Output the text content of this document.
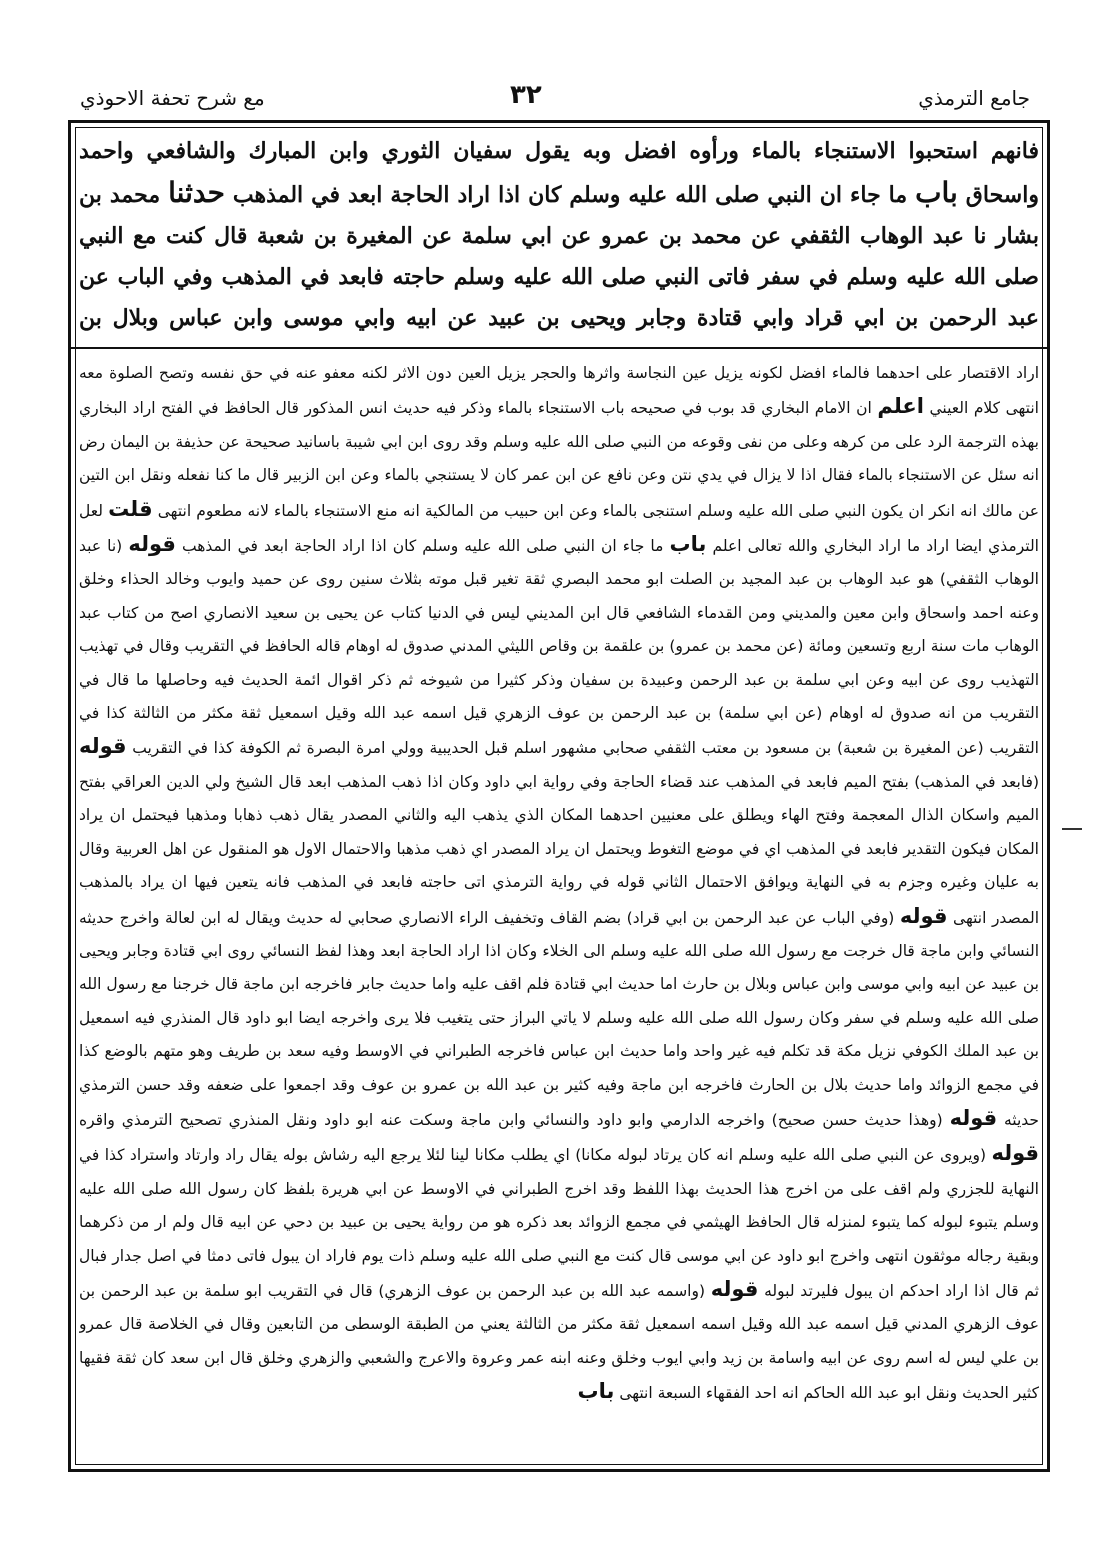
جامع الترمذي
٣٢
مع شرح تحفة الاحوذي
فانهم استحبوا الاستنجاء بالماء ورأوه افضل وبه يقول سفيان الثوري وابن المبارك والشافعي واحمد واسحاق باب ما جاء ان النبي صلى الله عليه وسلم كان اذا اراد الحاجة ابعد في المذهب حدثنا محمد بن بشار نا عبد الوهاب الثقفي عن محمد بن عمرو عن ابي سلمة عن المغيرة بن شعبة قال كنت مع النبي صلى الله عليه وسلم في سفر فاتى النبي صلى الله عليه وسلم حاجته فابعد في المذهب وفي الباب عن عبد الرحمن بن ابي قراد وابي قتادة وجابر ويحيى بن عبيد عن ابيه وابي موسى وابن عباس وبلال بن
اراد الاقتصار على احدهما فالماء افضل لكونه يزيل عين النجاسة واثرها والحجر يزيل العين دون الاثر لكنه معفو عنه في حق نفسه وتصح الصلوة معه انتهى كلام العيني اعلم ان الامام البخاري قد بوب في صحيحه باب الاستنجاء بالماء وذكر فيه حديث انس المذكور قال الحافظ في الفتح اراد البخاري بهذه الترجمة الرد على من كرهه وعلى من نفى وقوعه من النبي صلى الله عليه وسلم وقد روى ابن ابي شيبة باسانيد صحيحة عن حذيفة بن اليمان رض انه سئل عن الاستنجاء بالماء فقال اذا لا يزال في يدي نتن وعن نافع عن ابن عمر كان لا يستنجي بالماء وعن ابن الزبير قال ما كنا نفعله ونقل ابن التين عن مالك انه انكر ان يكون النبي صلى الله عليه وسلم استنجى بالماء وعن ابن حبيب من المالكية انه منع الاستنجاء بالماء لانه مطعوم انتهى قلت لعل الترمذي ايضا اراد ما اراد البخاري والله تعالى اعلم باب ما جاء ان النبي صلى الله عليه وسلم كان اذا اراد الحاجة ابعد في المذهب قوله (نا عبد الوهاب الثقفي) هو عبد الوهاب بن عبد المجيد بن الصلت ابو محمد البصري ثقة تغير قبل موته بثلاث سنين روى عن حميد وايوب وخالد الحذاء وخلق وعنه احمد واسحاق وابن معين والمديني ومن القدماء الشافعي قال ابن المديني ليس في الدنيا كتاب عن يحيى بن سعيد الانصاري اصح من كتاب عبد الوهاب مات سنة اربع وتسعين ومائة (عن محمد بن عمرو) بن علقمة بن وقاص الليثي المدني صدوق له اوهام قاله الحافظ في التقريب وقال في تهذيب التهذيب روى عن ابيه وعن ابي سلمة بن عبد الرحمن وعبيدة بن سفيان وذكر كثيرا من شيوخه ثم ذكر اقوال ائمة الحديث فيه وحاصلها ما قال في التقريب من انه صدوق له اوهام (عن ابي سلمة) بن عبد الرحمن بن عوف الزهري قيل اسمه عبد الله وقيل اسمعيل ثقة مكثر من الثالثة كذا في التقريب (عن المغيرة بن شعبة) بن مسعود بن معتب الثقفي صحابي مشهور اسلم قبل الحديبية وولي امرة البصرة ثم الكوفة كذا في التقريب قوله (فابعد في المذهب) بفتح الميم فابعد في المذهب عند قضاء الحاجة وفي رواية ابي داود وكان اذا ذهب المذهب ابعد قال الشيخ ولي الدين العراقي بفتح الميم واسكان الذال المعجمة وفتح الهاء ويطلق على معنيين احدهما المكان الذي يذهب اليه والثاني المصدر يقال ذهب ذهابا ومذهبا فيحتمل ان يراد المكان فيكون التقدير فابعد في المذهب اي في موضع التغوط ويحتمل ان يراد المصدر اي ذهب مذهبا والاحتمال الاول هو المنقول عن اهل العربية وقال به عليان وغيره وجزم به في النهاية ويوافق الاحتمال الثاني قوله في رواية الترمذي اتى حاجته فابعد في المذهب فانه يتعين فيها ان يراد بالمذهب المصدر انتهى قوله (وفي الباب عن عبد الرحمن بن ابي قراد) بضم القاف وتخفيف الراء الانصاري صحابي له حديث ويقال له ابن لعالة واخرج حديثه النسائي وابن ماجة قال خرجت مع رسول الله صلى الله عليه وسلم الى الخلاء وكان اذا اراد الحاجة ابعد وهذا لفظ النسائي روى ابي قتادة وجابر ويحيى بن عبيد عن ابيه وابي موسى وابن عباس وبلال بن حارث اما حديث ابي قتادة فلم اقف عليه واما حديث جابر فاخرجه ابن ماجة قال خرجنا مع رسول الله صلى الله عليه وسلم في سفر وكان رسول الله صلى الله عليه وسلم لا ياتي البراز حتى يتغيب فلا يرى واخرجه ايضا ابو داود قال المنذري فيه اسمعيل بن عبد الملك الكوفي نزيل مكة قد تكلم فيه غير واحد واما حديث ابن عباس فاخرجه الطبراني في الاوسط وفيه سعد بن طريف وهو متهم بالوضع كذا في مجمع الزوائد واما حديث بلال بن الحارث فاخرجه ابن ماجة وفيه كثير بن عبد الله بن عمرو بن عوف وقد اجمعوا على ضعفه وقد حسن الترمذي حديثه قوله (وهذا حديث حسن صحيح) واخرجه الدارمي وابو داود والنسائي وابن ماجة وسكت عنه ابو داود ونقل المنذري تصحيح الترمذي واقره قوله (ويروى عن النبي صلى الله عليه وسلم انه كان يرتاد لبوله مكانا) اي يطلب مكانا لينا لئلا يرجع اليه رشاش بوله يقال راد وارتاد واستراد كذا في النهاية للجزري ولم اقف على من اخرج هذا الحديث بهذا اللفظ وقد اخرج الطبراني في الاوسط عن ابي هريرة بلفظ كان رسول الله صلى الله عليه وسلم يتبوء لبوله كما يتبوء لمنزله قال الحافظ الهيثمي في مجمع الزوائد بعد ذكره هو من رواية يحيى بن عبيد بن دحي عن ابيه قال ولم ار من ذكرهما وبقية رجاله موثقون انتهى واخرج ابو داود عن ابي موسى قال كنت مع النبي صلى الله عليه وسلم ذات يوم فاراد ان يبول فاتى دمثا في اصل جدار فبال ثم قال اذا اراد احدكم ان يبول فليرتد لبوله قوله (واسمه عبد الله بن عبد الرحمن بن عوف الزهري) قال في التقريب ابو سلمة بن عبد الرحمن بن عوف الزهري المدني قيل اسمه عبد الله وقيل اسمه اسمعيل ثقة مكثر من الثالثة يعني من الطبقة الوسطى من التابعين وقال في الخلاصة قال عمرو بن علي ليس له اسم روى عن ابيه واسامة بن زيد وابي ايوب وخلق وعنه ابنه عمر وعروة والاعرج والشعبي والزهري وخلق قال ابن سعد كان ثقة فقيها كثير الحديث ونقل ابو عبد الله الحاكم انه احد الفقهاء السبعة انتهى باب
